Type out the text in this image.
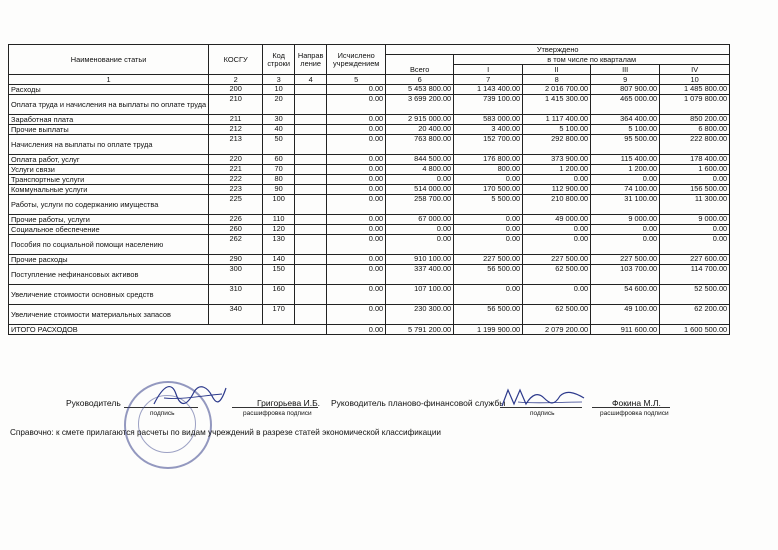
Наименование статьи	КОСГУ	Код строки	Направ ление	Исчислено учреждением	Утверждено				
					Всего	в том числе по кварталам			
						I	II	III	IV
1	2	3	4	5	6	7	8	9	10
Расходы	200	10		0.00	5 453 800.00	1 143 400.00	2 016 700.00	807 900.00	1 485 800.00
Оплата труда и начисления на выплаты по оплате труда	210	20		0.00	3 699 200.00	739 100.00	1 415 300.00	465 000.00	1 079 800.00
Заработная плата	211	30		0.00	2 915 000.00	583 000.00	1 117 400.00	364 400.00	850 200.00
Прочие выплаты	212	40		0.00	20 400.00	3 400.00	5 100.00	5 100.00	6 800.00
Начисления на выплаты по оплате труда	213	50		0.00	763 800.00	152 700.00	292 800.00	95 500.00	222 800.00
Оплата работ, услуг	220	60		0.00	844 500.00	176 800.00	373 900.00	115 400.00	178 400.00
Услуги связи	221	70		0.00	4 800.00	800.00	1 200.00	1 200.00	1 600.00
Транспортные услуги	222	80		0.00	0.00	0.00	0.00	0.00	0.00
Коммунальные услуги	223	90		0.00	514 000.00	170 500.00	112 900.00	74 100.00	156 500.00
Работы, услуги по содержанию имущества	225	100		0.00	258 700.00	5 500.00	210 800.00	31 100.00	11 300.00
Прочие работы, услуги	226	110		0.00	67 000.00	0.00	49 000.00	9 000.00	9 000.00
Социальное обеспечение	260	120		0.00	0.00	0.00	0.00	0.00	0.00
Пособия по социальной помощи населению	262	130		0.00	0.00	0.00	0.00	0.00	0.00
Прочие расходы	290	140		0.00	910 100.00	227 500.00	227 500.00	227 500.00	227 600.00
Поступление нефинансовых активов	300	150		0.00	337 400.00	56 500.00	62 500.00	103 700.00	114 700.00
Увеличение стоимости основных средств	310	160		0.00	107 100.00	0.00	0.00	54 600.00	52 500.00
Увеличение стоимости материальных запасов	340	170		0.00	230 300.00	56 500.00	62 500.00	49 100.00	62 200.00
ИТОГО РАСХОДОВ				0.00	5 791 200.00	1 199 900.00	2 079 200.00	911 600.00	1 600 500.00
Руководитель
подпись
Григорьева И.Б.
расшифровка подписи
Руководитель планово-финансовой службы
подпись
Фокина М.Л.
расшифровка подписи
Справочно: к смете прилагаются расчеты по видам учреждений в разрезе статей экономической классификации
